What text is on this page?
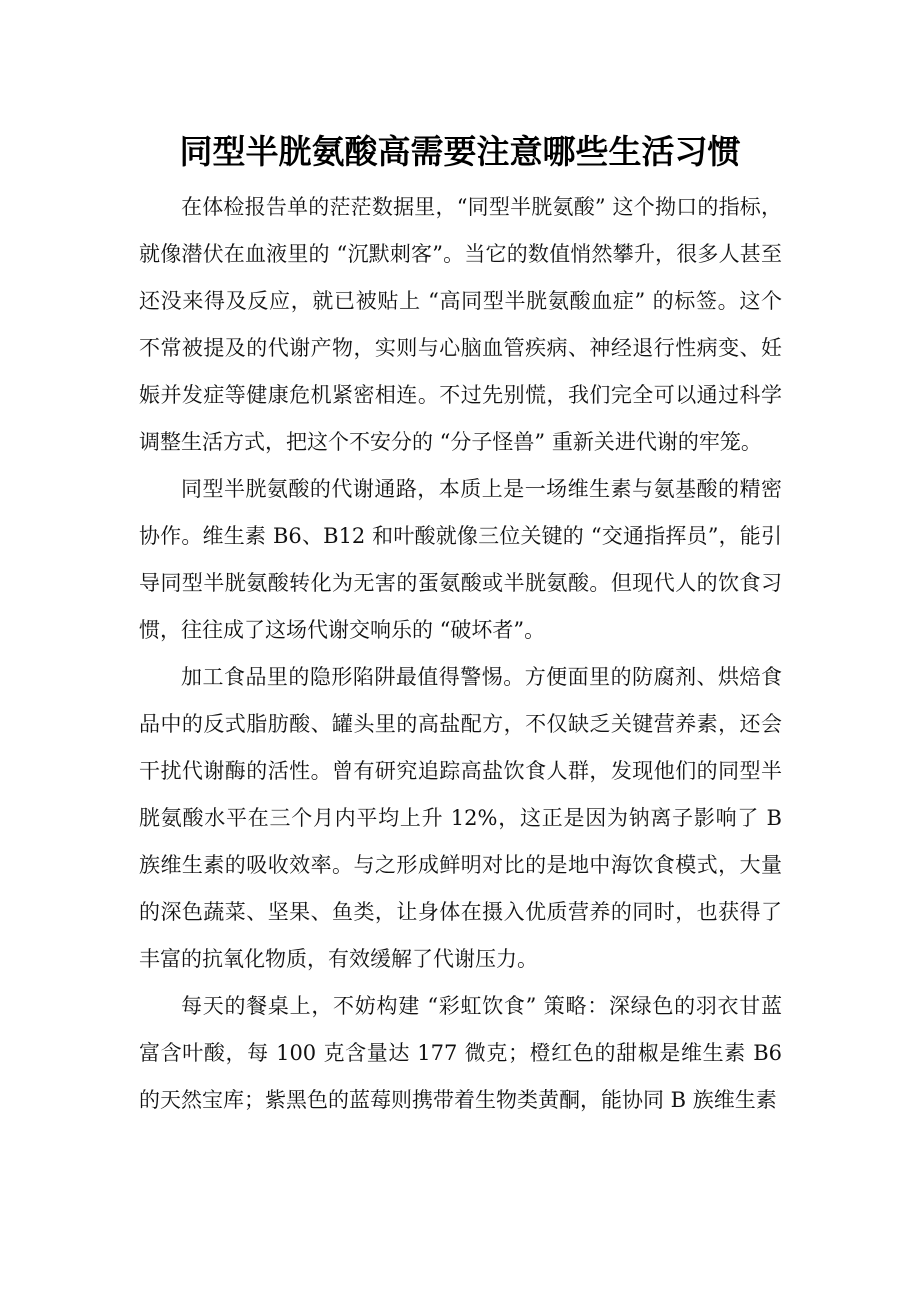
同型半胱氨酸高需要注意哪些生活习惯

在体检报告单的茫茫数据里，“同型半胱氨酸” 这个拗口的指标，就像潜伏在血液里的 “沉默刺客”。当它的数值悄然攀升，很多人甚至还没来得及反应，就已被贴上 “高同型半胱氨酸血症” 的标签。这个不常被提及的代谢产物，实则与心脑血管疾病、神经退行性病变、妊娠并发症等健康危机紧密相连。不过先别慌，我们完全可以通过科学调整生活方式，把这个不安分的 “分子怪兽” 重新关进代谢的牢笼。

同型半胱氨酸的代谢通路，本质上是一场维生素与氨基酸的精密协作。维生素 B6、B12 和叶酸就像三位关键的 “交通指挥员”，能引导同型半胱氨酸转化为无害的蛋氨酸或半胱氨酸。但现代人的饮食习惯，往往成了这场代谢交响乐的 “破坏者”。

加工食品里的隐形陷阱最值得警惕。方便面里的防腐剂、烘焙食品中的反式脂肪酸、罐头里的高盐配方，不仅缺乏关键营养素，还会干扰代谢酶的活性。曾有研究追踪高盐饮食人群，发现他们的同型半胱氨酸水平在三个月内平均上升 12%，这正是因为钠离子影响了 B 族维生素的吸收效率。与之形成鲜明对比的是地中海饮食模式，大量的深色蔬菜、坚果、鱼类，让身体在摄入优质营养的同时，也获得了丰富的抗氧化物质，有效缓解了代谢压力。

每天的餐桌上，不妨构建 “彩虹饮食” 策略：深绿色的羽衣甘蓝富含叶酸，每 100 克含量达 177 微克；橙红色的甜椒是维生素 B6 的天然宝库；紫黑色的蓝莓则携带着生物类黄酮，能协同 B 族维生素
